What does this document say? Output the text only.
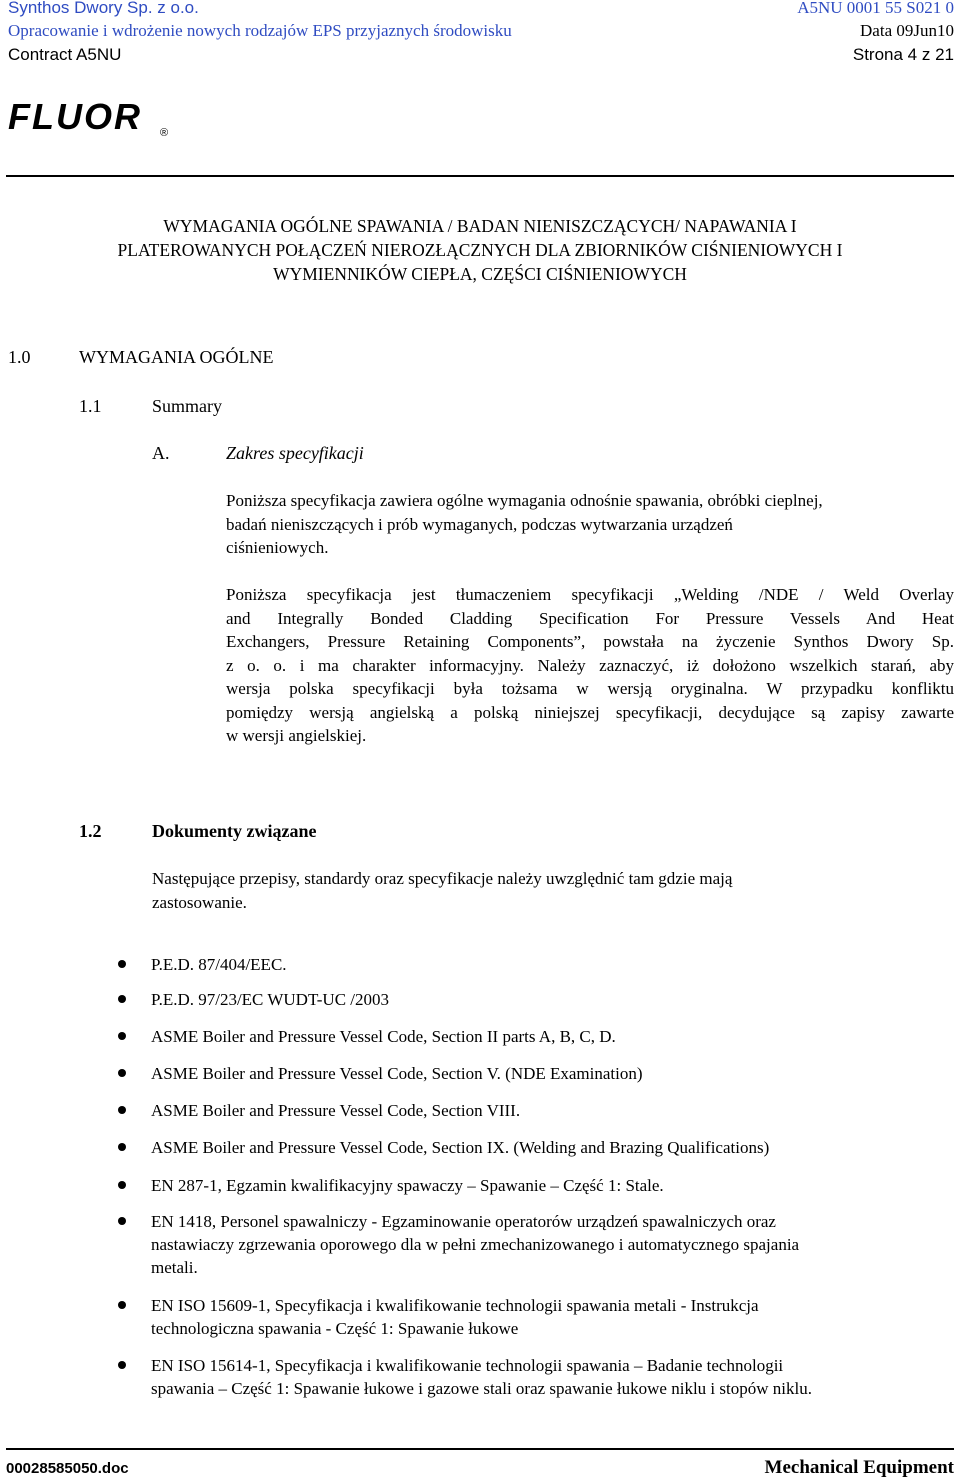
Synthos Dwory Sp. z o.o.	A5NU 0001 55 S021 0
Opracowanie i wdrożenie nowych rodzajów EPS przyjaznych środowisku	Data 09Jun10
Contract A5NU	Strona 4 z 21
FLUOR ®
WYMAGANIA OGÓLNE SPAWANIA / BADAN NIENISZCZĄCYCH/ NAPAWANIA I
PLATEROWANYCH POŁĄCZEŃ NIEROZŁĄCZNYCH DLA ZBIORNIKÓW CIŚNIENIOWYCH I
WYMIENNIKÓW CIEPŁA, CZĘŚCI CIŚNIENIOWYCH
1.0	WYMAGANIA OGÓLNE
1.1	Summary
A.	Zakres specyfikacji
Poniższa specyfikacja zawiera ogólne wymagania odnośnie spawania, obróbki cieplnej,
badań nieniszczących i prób wymaganych, podczas wytwarzania urządzeń
ciśnieniowych.
Poniższa specyfikacja jest tłumaczeniem specyfikacji „Welding /NDE / Weld Overlay
and Integrally Bonded Cladding Specification For Pressure Vessels And Heat
Exchangers, Pressure Retaining Components”, powstała na życzenie Synthos Dwory Sp.
z o. o. i ma charakter informacyjny. Należy zaznaczyć, iż dołożono wszelkich starań, aby
wersja polska specyfikacji była tożsama w wersją oryginalna. W przypadku konfliktu
pomiędzy wersją angielską a polską niniejszej specyfikacji, decydujące są zapisy zawarte
w wersji angielskiej.
1.2	Dokumenty związane
Następujące przepisy, standardy oraz specyfikacje należy uwzględnić tam gdzie mają
zastosowanie.
P.E.D. 87/404/EEC.
P.E.D. 97/23/EC WUDT-UC /2003
ASME Boiler and Pressure Vessel Code, Section II parts A, B, C, D.
ASME Boiler and Pressure Vessel Code, Section V. (NDE Examination)
ASME Boiler and Pressure Vessel Code, Section VIII.
ASME Boiler and Pressure Vessel Code, Section IX. (Welding and Brazing Qualifications)
EN 287-1, Egzamin kwalifikacyjny spawaczy – Spawanie – Część 1: Stale.
EN 1418, Personel spawalniczy - Egzaminowanie operatorów urządzeń spawalniczych oraz
nastawiaczy zgrzewania oporowego dla w pełni zmechanizowanego i automatycznego spajania
metali.
EN ISO 15609-1, Specyfikacja i kwalifikowanie technologii spawania metali - Instrukcja
technologiczna spawania - Część 1: Spawanie łukowe
EN ISO 15614-1, Specyfikacja i kwalifikowanie technologii spawania – Badanie technologii
spawania – Część 1: Spawanie łukowe i gazowe stali oraz spawanie łukowe niklu i stopów niklu.
00028585050.doc	Mechanical Equipment
